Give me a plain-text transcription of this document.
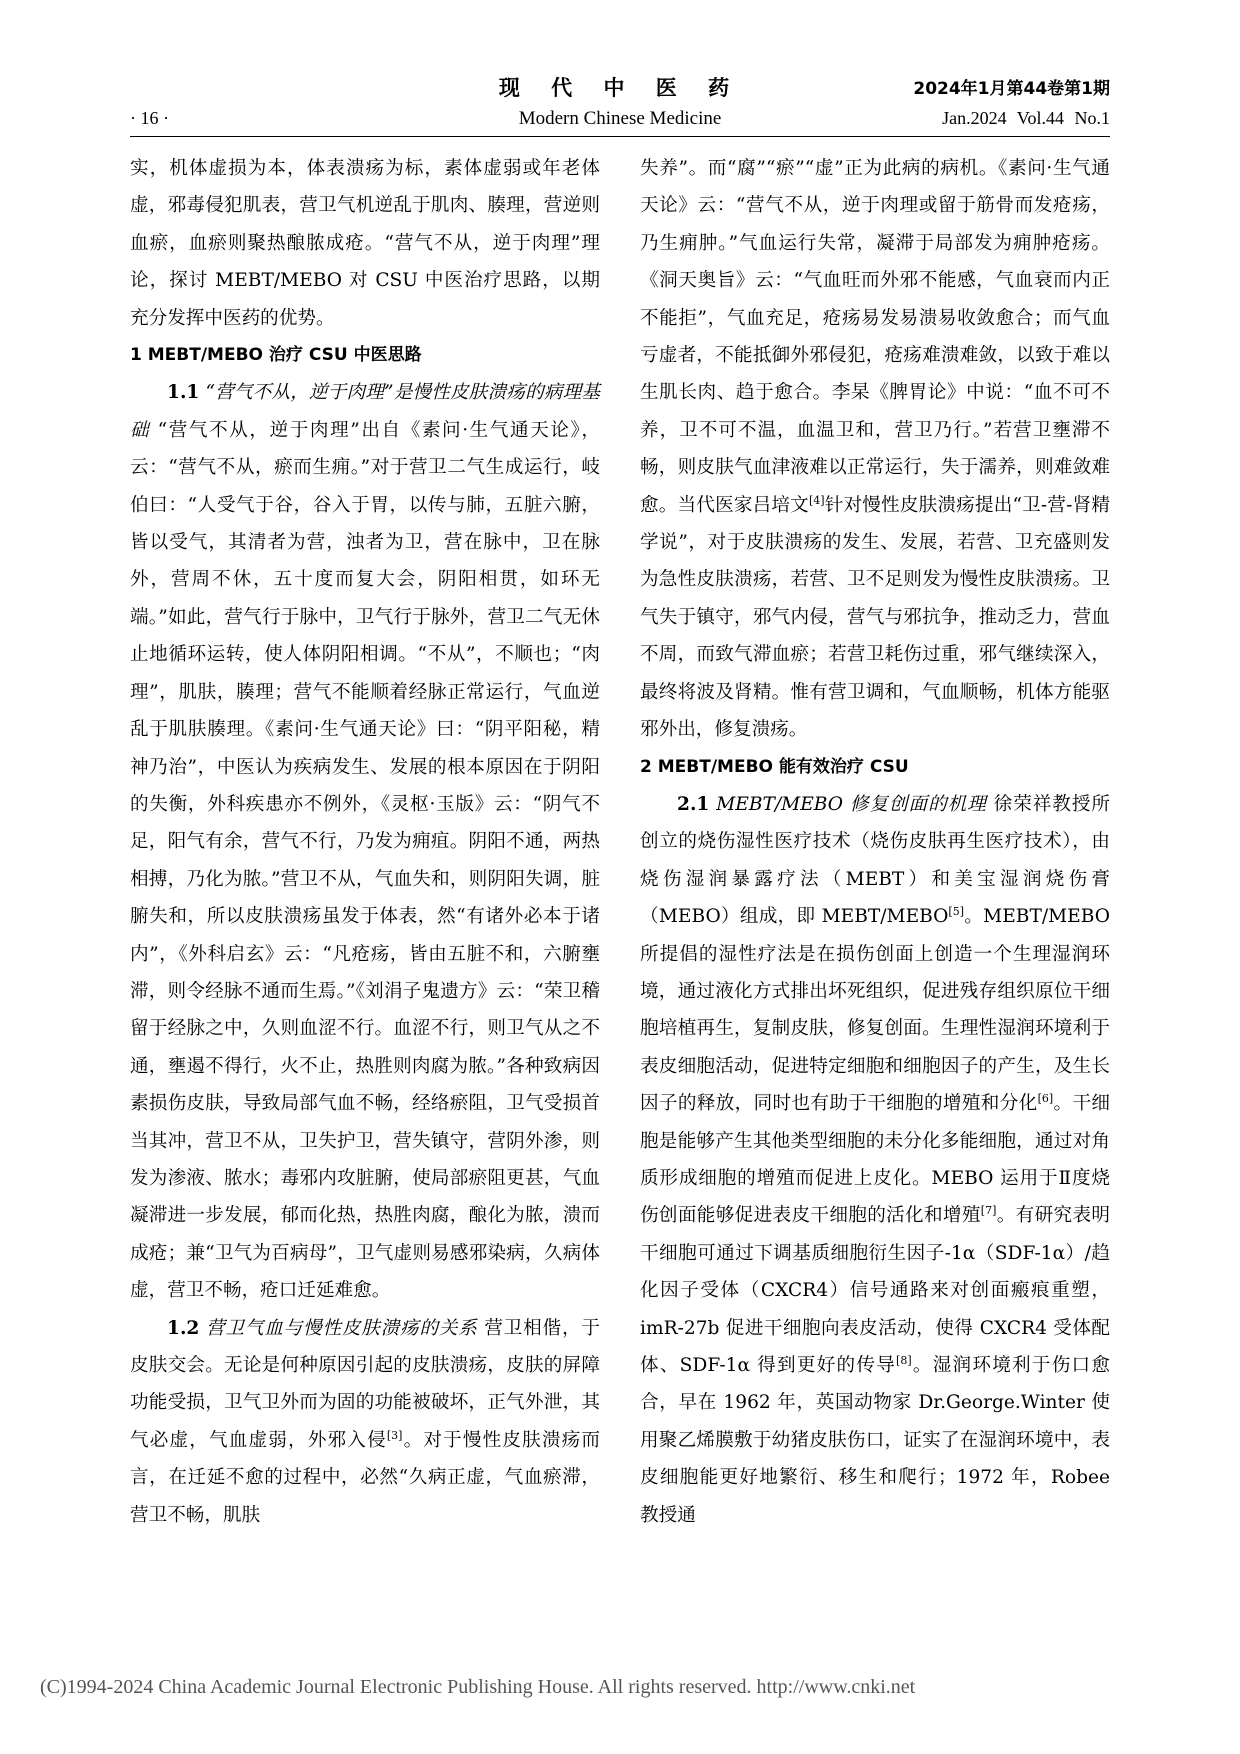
现 代 中 医 药	2024年1月第44卷第1期
· 16 ·	Modern Chinese Medicine	Jan.2024 Vol.44 No.1

实，机体虚损为本，体表溃疡为标，素体虚弱或年老体虚，邪毒侵犯肌表，营卫气机逆乱于肌肉、腠理，营逆则血瘀，血瘀则聚热酿脓成疮。“营气不从，逆于肉理”理论，探讨 MEBT/MEBO 对 CSU 中医治疗思路，以期充分发挥中医药的优势。

1 MEBT/MEBO 治疗 CSU 中医思路

1.1 “营气不从，逆于肉理”是慢性皮肤溃疡的病理基础 “营气不从，逆于肉理”出自《素问·生气通天论》，云：“营气不从，瘀而生痈。”对于营卫二气生成运行，岐伯曰：“人受气于谷，谷入于胃，以传与肺，五脏六腑，皆以受气，其清者为营，浊者为卫，营在脉中，卫在脉外，营周不休，五十度而复大会，阴阳相贯，如环无端。”如此，营气行于脉中，卫气行于脉外，营卫二气无休止地循环运转，使人体阴阳相调。“不从”，不顺也；“肉理”，肌肤，腠理；营气不能顺着经脉正常运行，气血逆乱于肌肤腠理。《素问·生气通天论》曰：“阴平阳秘，精神乃治”，中医认为疾病发生、发展的根本原因在于阴阳的失衡，外科疾患亦不例外，《灵枢·玉版》云：“阴气不足，阳气有余，营气不行，乃发为痈疽。阴阳不通，两热相搏，乃化为脓。”营卫不从，气血失和，则阴阳失调，脏腑失和，所以皮肤溃疡虽发于体表，然“有诸外必本于诸内”，《外科启玄》云：“凡疮疡，皆由五脏不和，六腑壅滞，则令经脉不通而生焉。”《刘涓子鬼遗方》云：“荣卫稽留于经脉之中，久则血涩不行。血涩不行，则卫气从之不通，壅遏不得行，火不止，热胜则肉腐为脓。”各种致病因素损伤皮肤，导致局部气血不畅，经络瘀阻，卫气受损首当其冲，营卫不从，卫失护卫，营失镇守，营阴外渗，则发为渗液、脓水；毒邪内攻脏腑，使局部瘀阻更甚，气血凝滞进一步发展，郁而化热，热胜肉腐，酿化为脓，溃而成疮；兼“卫气为百病母”，卫气虚则易感邪染病，久病体虚，营卫不畅，疮口迁延难愈。

1.2 营卫气血与慢性皮肤溃疡的关系 营卫相偕，于皮肤交会。无论是何种原因引起的皮肤溃疡，皮肤的屏障功能受损，卫气卫外而为固的功能被破坏，正气外泄，其气必虚，气血虚弱，外邪入侵[3]。对于慢性皮肤溃疡而言，在迁延不愈的过程中，必然“久病正虚，气血瘀滞，营卫不畅，肌肤

失养”。而“腐”“瘀”“虚”正为此病的病机。《素问·生气通天论》云：“营气不从，逆于肉理或留于筋骨而发疮疡，乃生痈肿。”气血运行失常，凝滞于局部发为痈肿疮疡。《洞天奥旨》云：“气血旺而外邪不能感，气血衰而内正不能拒”，气血充足，疮疡易发易溃易收敛愈合；而气血亏虚者，不能抵御外邪侵犯，疮疡难溃难敛，以致于难以生肌长肉、趋于愈合。李杲《脾胃论》中说：“血不可不养，卫不可不温，血温卫和，营卫乃行。”若营卫壅滞不畅，则皮肤气血津液难以正常运行，失于濡养，则难敛难愈。当代医家吕培文[4]针对慢性皮肤溃疡提出“卫-营-肾精学说”，对于皮肤溃疡的发生、发展，若营、卫充盛则发为急性皮肤溃疡，若营、卫不足则发为慢性皮肤溃疡。卫气失于镇守，邪气内侵，营气与邪抗争，推动乏力，营血不周，而致气滞血瘀；若营卫耗伤过重，邪气继续深入，最终将波及肾精。惟有营卫调和，气血顺畅，机体方能驱邪外出，修复溃疡。

2 MEBT/MEBO 能有效治疗 CSU

2.1 MEBT/MEBO 修复创面的机理 徐荣祥教授所创立的烧伤湿性医疗技术（烧伤皮肤再生医疗技术），由烧伤湿润暴露疗法（MEBT）和美宝湿润烧伤膏（MEBO）组成，即 MEBT/MEBO[5]。MEBT/MEBO 所提倡的湿性疗法是在损伤创面上创造一个生理湿润环境，通过液化方式排出坏死组织，促进残存组织原位干细胞培植再生，复制皮肤，修复创面。生理性湿润环境利于表皮细胞活动，促进特定细胞和细胞因子的产生，及生长因子的释放，同时也有助于干细胞的增殖和分化[6]。干细胞是能够产生其他类型细胞的未分化多能细胞，通过对角质形成细胞的增殖而促进上皮化。MEBO 运用于Ⅱ度烧伤创面能够促进表皮干细胞的活化和增殖[7]。有研究表明干细胞可通过下调基质细胞衍生因子-1α（SDF-1α）/趋化因子受体（CXCR4）信号通路来对创面瘢痕重塑，imR-27b 促进干细胞向表皮活动，使得 CXCR4 受体配体、SDF-1α 得到更好的传导[8]。湿润环境利于伤口愈合，早在 1962 年，英国动物家 Dr.George.Winter 使用聚乙烯膜敷于幼猪皮肤伤口，证实了在湿润环境中，表皮细胞能更好地繁衍、移生和爬行；1972 年，Robee 教授通

(C)1994-2024 China Academic Journal Electronic Publishing House. All rights reserved. http://www.cnki.net
